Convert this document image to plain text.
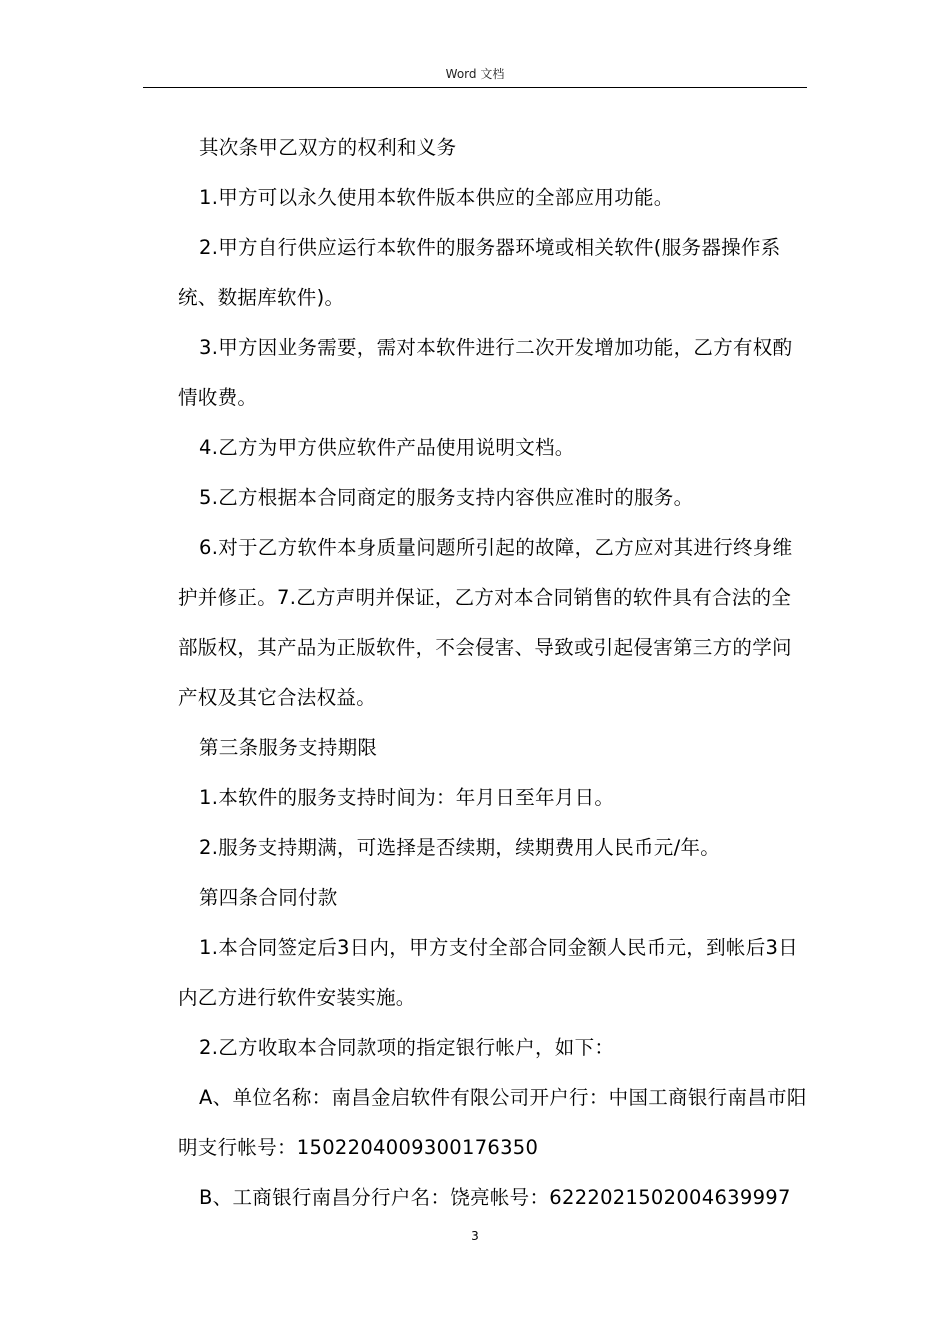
Word 文档

其次条甲乙双方的权利和义务

1.甲方可以永久使用本软件版本供应的全部应用功能。

2.甲方自行供应运行本软件的服务器环境或相关软件(服务器操作系统、数据库软件)。

3.甲方因业务需要，需对本软件进行二次开发增加功能，乙方有权酌情收费。

4.乙方为甲方供应软件产品使用说明文档。

5.乙方根据本合同商定的服务支持内容供应准时的服务。

6.对于乙方软件本身质量问题所引起的故障，乙方应对其进行终身维护并修正。7.乙方声明并保证，乙方对本合同销售的软件具有合法的全部版权，其产品为正版软件，不会侵害、导致或引起侵害第三方的学问产权及其它合法权益。

第三条服务支持期限

1.本软件的服务支持时间为：年月日至年月日。

2.服务支持期满，可选择是否续期，续期费用人民币元/年。

第四条合同付款

1.本合同签定后3日内，甲方支付全部合同金额人民币元，到帐后3日内乙方进行软件安装实施。

2.乙方收取本合同款项的指定银行帐户，如下：

A、单位名称：南昌金启软件有限公司开户行：中国工商银行南昌市阳明支行帐号：1502204009300176350

B、工商银行南昌分行户名：饶亮帐号：6222021502004639997

3
